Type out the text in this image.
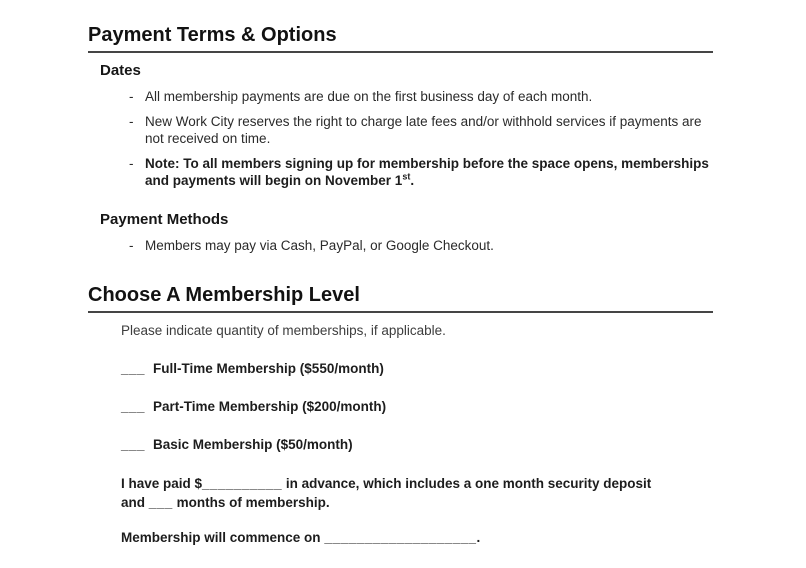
Payment Terms & Options
Dates
- All membership payments are due on the first business day of each month.
- New Work City reserves the right to charge late fees and/or withhold services if payments are not received on time.
- Note: To all members signing up for membership before the space opens, memberships and payments will begin on November 1st.
Payment Methods
- Members may pay via Cash, PayPal, or Google Checkout.
Choose A Membership Level
Please indicate quantity of memberships, if applicable.
___ Full-Time Membership ($550/month)
___ Part-Time Membership ($200/month)
___ Basic Membership ($50/month)
I have paid $__________ in advance, which includes a one month security deposit
and ___ months of membership.
Membership will commence on ___________________.
